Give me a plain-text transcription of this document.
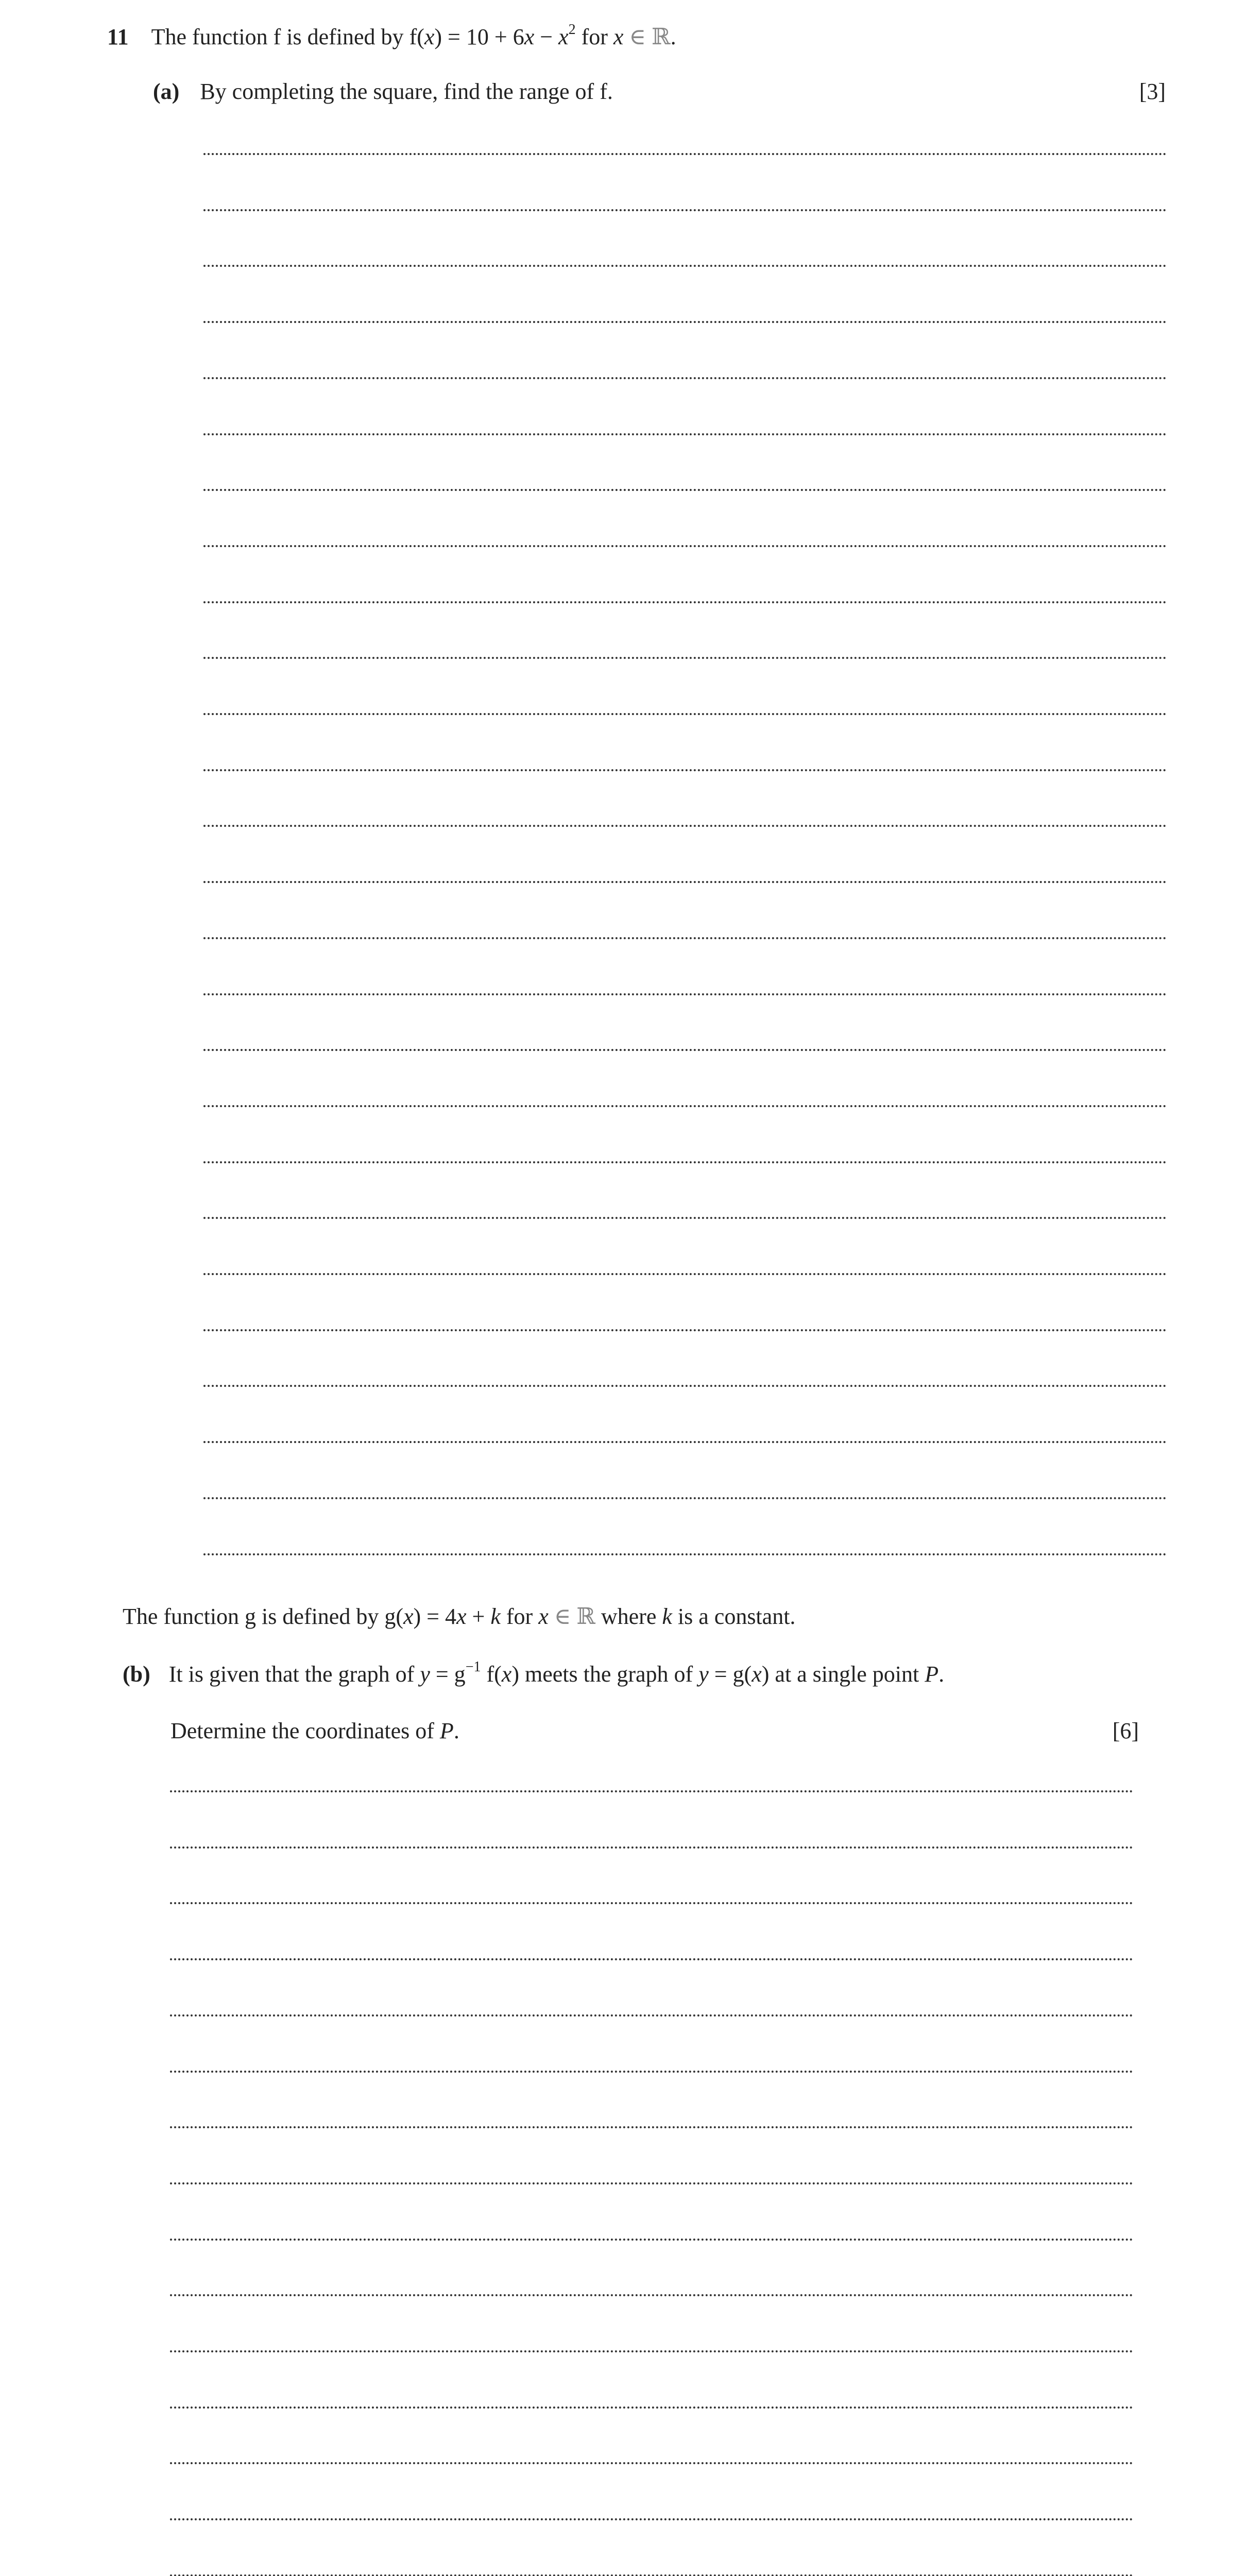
11 The function f is defined by $f(x) = 10 + 6x - x^2$ for x ∈ ℝ.
(a) By completing the square, find the range of f.	[3]
The function g is defined by g(x) = 4x + k for x ∈ ℝ where k is a constant.
(b) It is given that the graph of $y = g^{-1}$ f(x) meets the graph of y = g(x) at a single point P.
Determine the coordinates of P.	[6]
